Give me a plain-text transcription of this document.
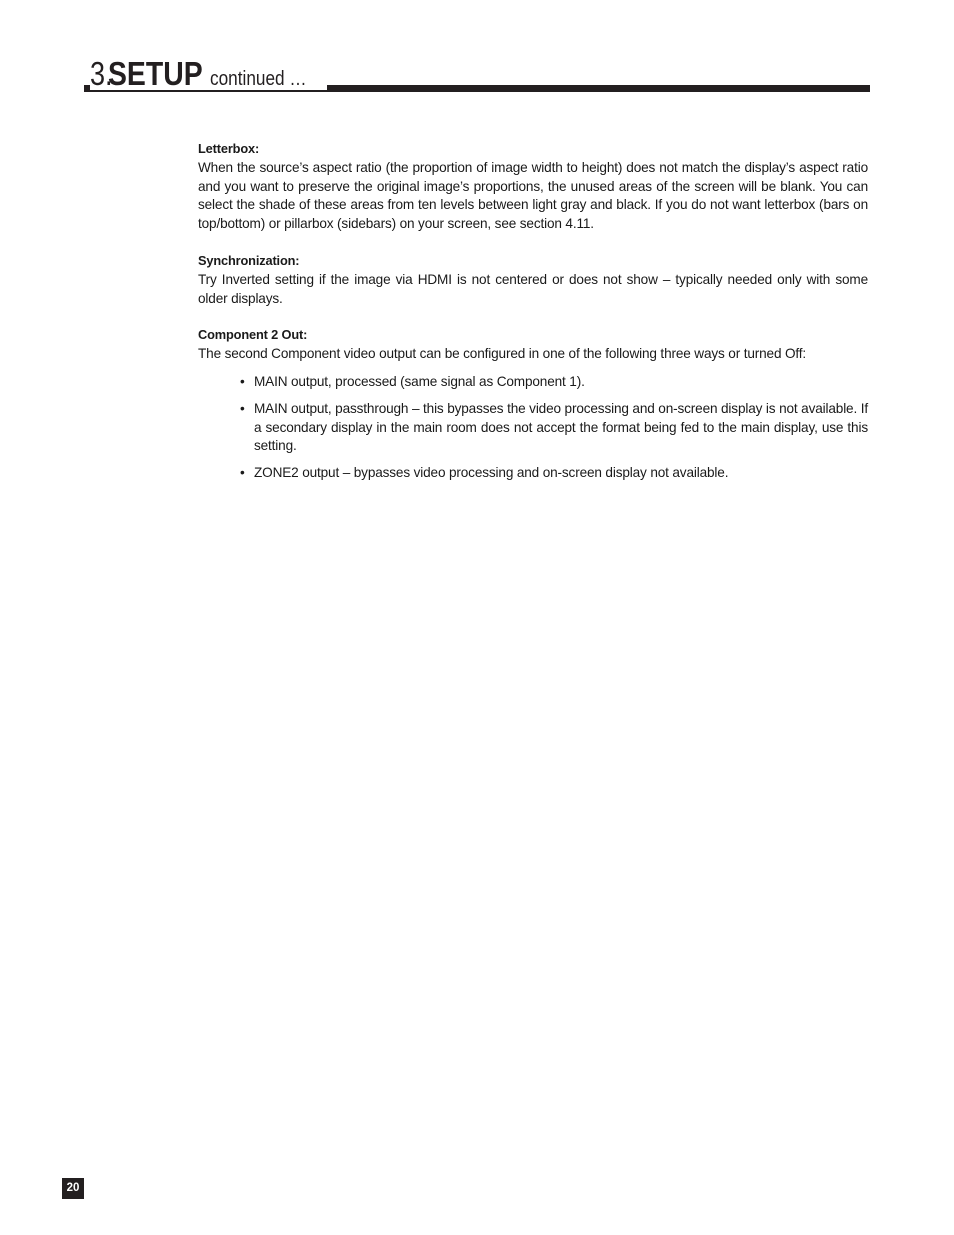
3. SETUP continued …

Letterbox:

When the source’s aspect ratio (the proportion of image width to height) does not match the display’s aspect ratio and you want to preserve the original image’s proportions, the unused areas of the screen will be blank. You can select the shade of these areas from ten levels between light gray and black. If you do not want letterbox (bars on top/bottom) or pillarbox (sidebars) on your screen, see section 4.11.

Synchronization:

Try Inverted setting if the image via HDMI is not centered or does not show – typically needed only with some older displays.

Component 2 Out:

The second Component video output can be configured in one of the following three ways or turned Off:

• MAIN output, processed (same signal as Component 1).
• MAIN output, passthrough – this bypasses the video processing and on-screen display is not available. If a secondary display in the main room does not accept the format being fed to the main display, use this setting.
• ZONE2 output – bypasses video processing and on-screen display not available.
20
